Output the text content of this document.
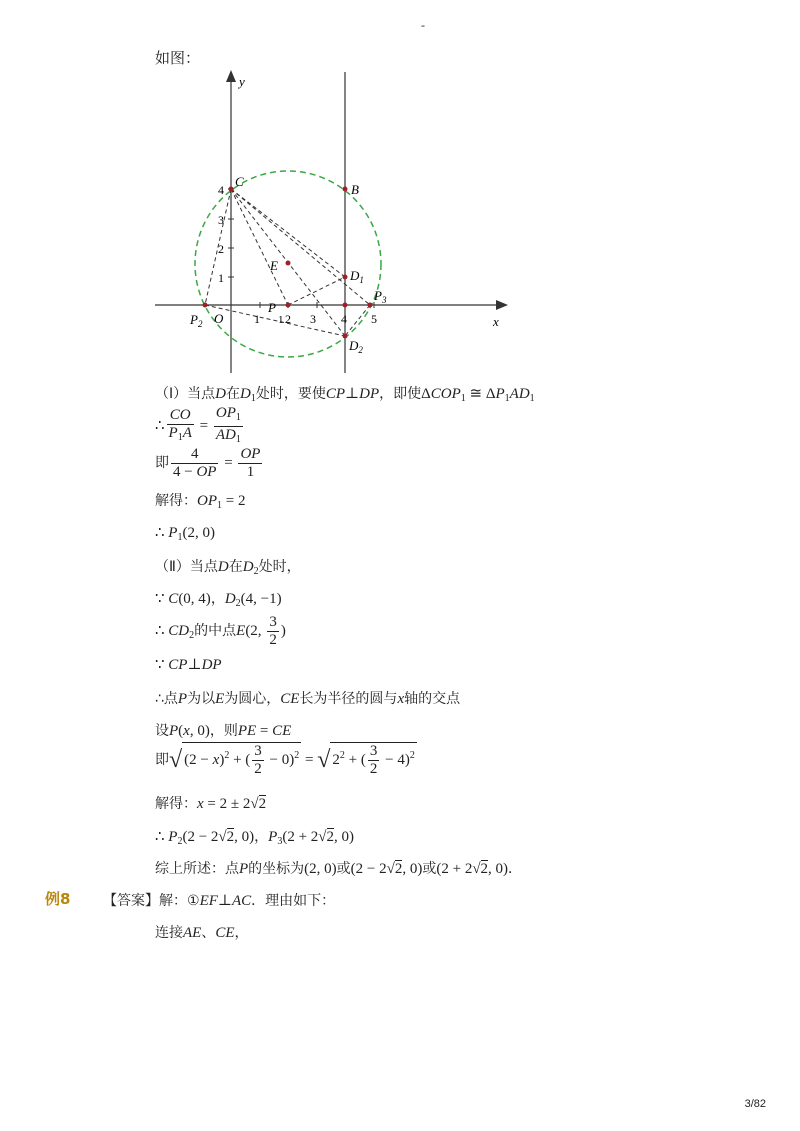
-
如图：
y
x
O	1 2 3 4 5
1
2
3
4
C
B
E
$D_1$
P
1
$P_2$
$P_3$
$D_2$
（Ⅰ）当点D在$D_1$处时，要使CP⊥DP，即使$\Delta COP_1$ ≅ $\Delta P_1AD_1$
∴ $\frac{CO}{P_1A} = \frac{OP_1}{AD_1}$
即 $\frac{4}{4 - OP} = \frac{OP}{1}$
解得：$OP_1 = 2$
∴ $P_1(2$, 0)
（Ⅱ）当点D在$D_2$处时，
∵ C(0, 4)，$D_2(4$, −1)
∴ $CD_2$的中点E(2, $\frac{3}{2}$ )
∵ CP⊥DP
∴点P为以E为圆心，CE长为半径的圆与x轴的交点
设P(x, 0)，则PE = CE
即√ $(2 - x)^2$ + ( $\frac{3}{2} - 0)^2$ = √ $2^2$ + ( $\frac{3}{2} - 4)^2$
解得：x = 2 ± 2√2
∴ $P_2(2 - 2√2$, 0)，$P_3(2 + 2√2$, 0)
综上所述：点P的坐标为(2, 0)或(2 − 2√2, 0)或(2 + 2√2, 0)．
例8 【答案】解：①EF⊥AC．理由如下：
连接AE、CE，
3/82
